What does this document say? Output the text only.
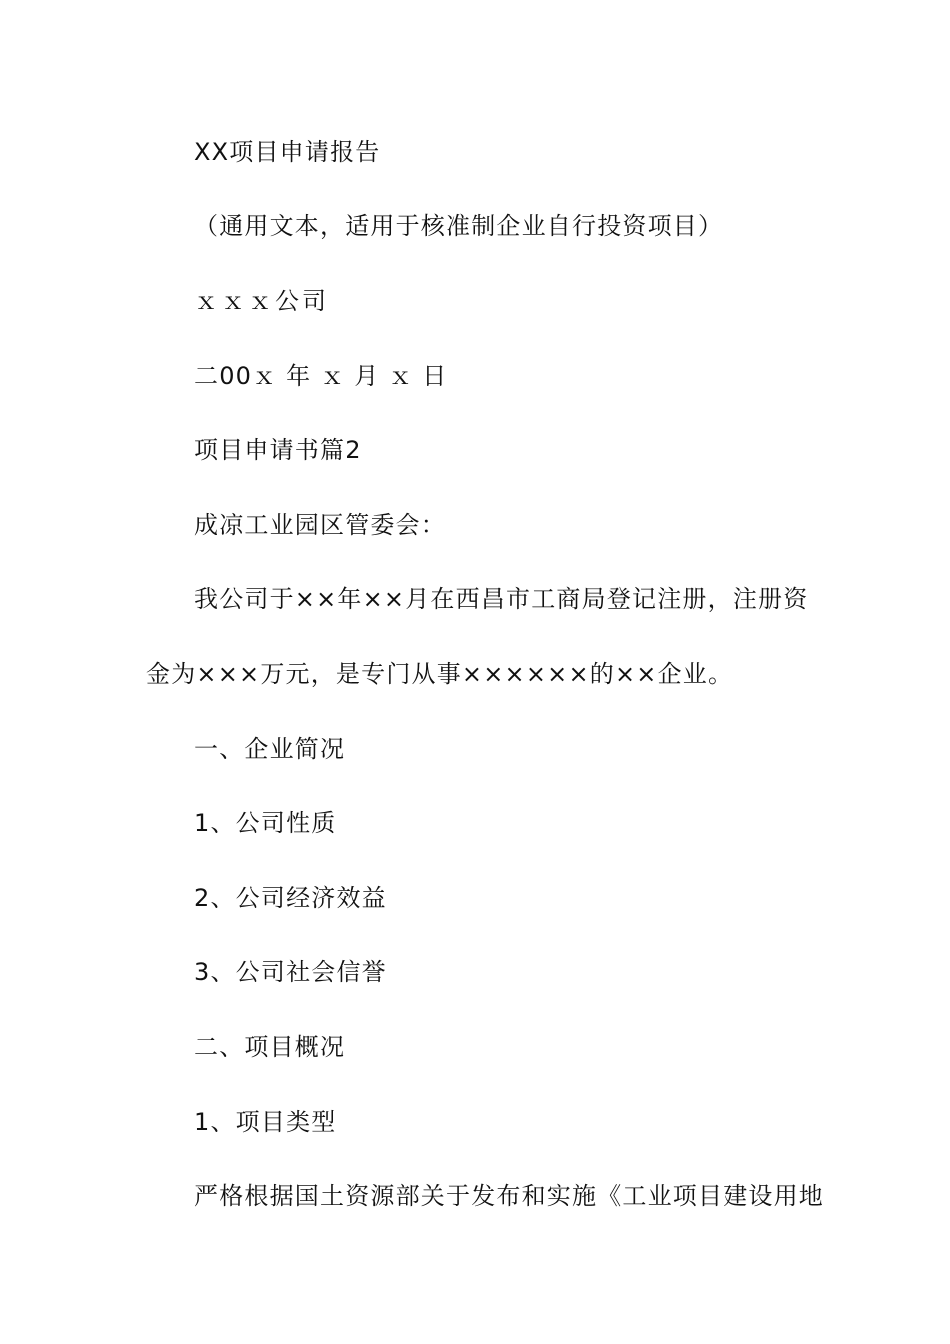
XX项目申请报告
（通用文本，适用于核准制企业自行投资项目）
ｘｘｘ公司
二00ｘ 年 ｘ 月 ｘ 日
项目申请书篇2
成凉工业园区管委会：
我公司于××年××月在西昌市工商局登记注册，注册资
金为×××万元，是专门从事××××××的××企业。
一、企业简况
1、公司性质
2、公司经济效益
3、公司社会信誉
二、项目概况
1、项目类型
严格根据国土资源部关于发布和实施《工业项目建设用地
